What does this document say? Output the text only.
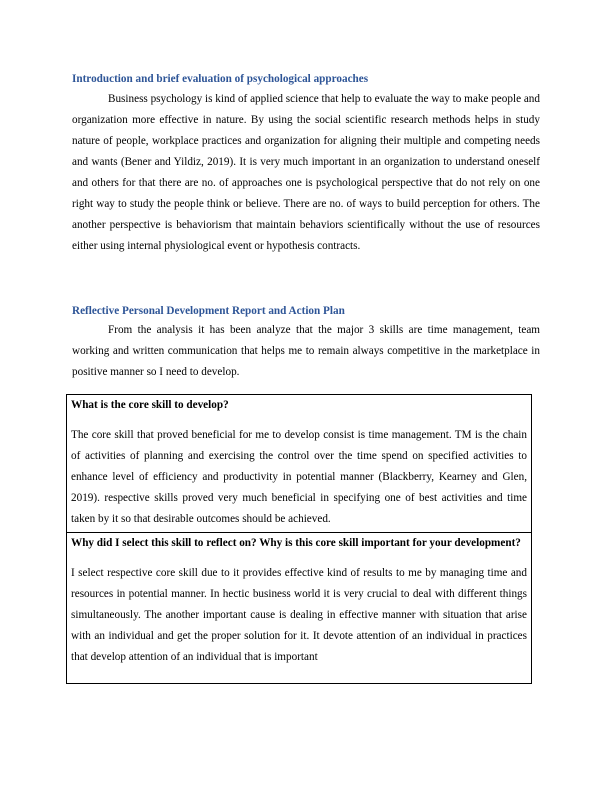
Introduction and brief evaluation of psychological approaches

Business psychology is kind of applied science that help to evaluate the way to make people and organization more effective in nature. By using the social scientific research methods helps in study nature of people, workplace practices and organization for aligning their multiple and competing needs and wants (Bener and Yildiz, 2019). It is very much important in an organization to understand oneself and others for that there are no. of approaches one is psychological perspective that do not rely on one right way to study the people think or believe. There are no. of ways to build perception for others. The another perspective is behaviorism that maintain behaviors scientifically without the use of resources either using internal physiological event or hypothesis contracts.

Reflective Personal Development Report and Action Plan

From the analysis it has been analyze that the major 3 skills are time management, team working and written communication that helps me to remain always competitive in the marketplace in positive manner so I need to develop.

What is the core skill to develop?

The core skill that proved beneficial for me to develop consist is time management. TM is the chain of activities of planning and exercising the control over the time spend on specified activities to enhance level of efficiency and productivity in potential manner (Blackberry, Kearney and Glen, 2019). respective skills proved very much beneficial in specifying one of best activities and time taken by it so that desirable outcomes should be achieved.

Why did I select this skill to reflect on? Why is this core skill important for your development?

I select respective core skill due to it provides effective kind of results to me by managing time and resources in potential manner. In hectic business world it is very crucial to deal with different things simultaneously. The another important cause is dealing in effective manner with situation that arise with an individual and get the proper solution for it. It devote attention of an individual in practices that develop attention of an individual that is important
